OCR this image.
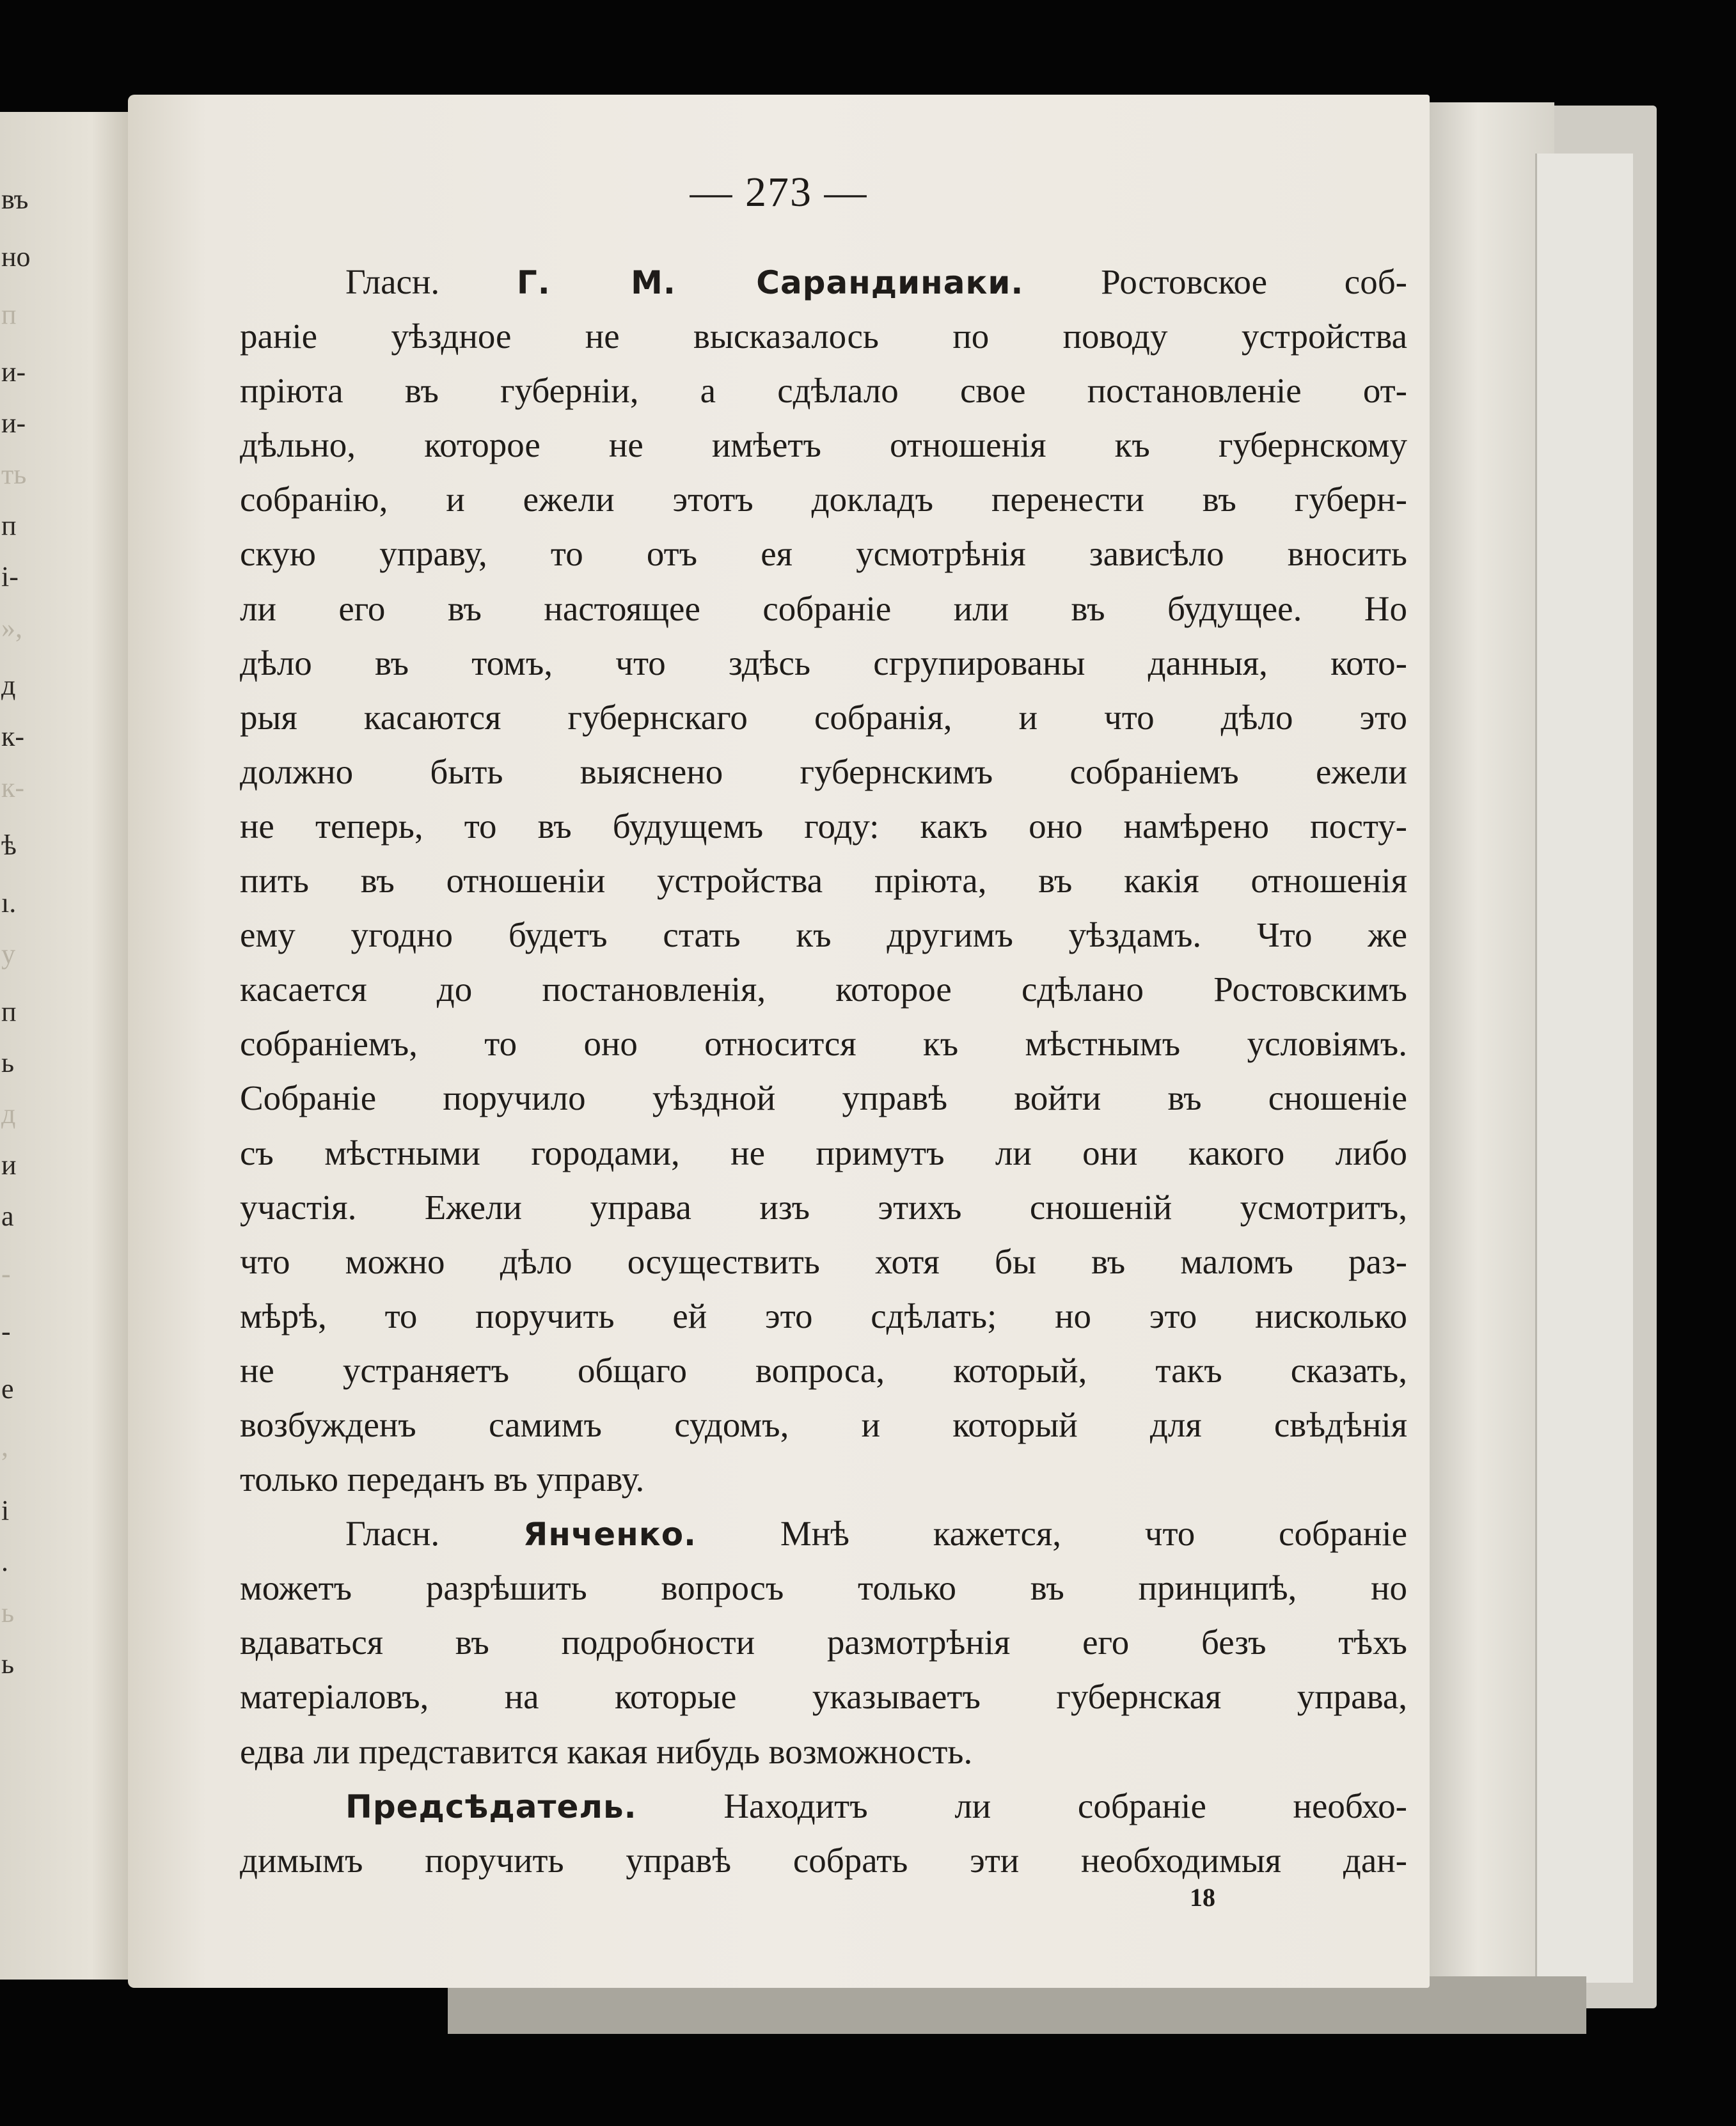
въ
но
п
и-
и-
ть
п
і-
»,
д
к-
к-
ѣ
ı.
у
п
ь
д
и
а
-
-
е
,
і
.
ь
ь
— 273 —
Гласн. Г. М. Сарандинаки. Ростовское соб-
раніе уѣздное не высказалось по поводу устройства
пріюта въ губерніи, а сдѣлало свое постановленіе от-
дѣльно, которое не имѣетъ отношенія къ губернскому
собранію, и ежели этотъ докладъ перенести въ губерн-
скую управу, то отъ ея усмотрѣнія зависѣло вносить
ли его въ настоящее собраніе или въ будущее. Но
дѣло въ томъ, что здѣсь сгрупированы данныя, кото-
рыя касаются губернскаго собранія, и что дѣло это
должно быть выяснено губернскимъ собраніемъ ежели
не теперь, то въ будущемъ году: какъ оно намѣрено посту-
пить въ отношеніи устройства пріюта, въ какія отношенія
ему угодно будетъ стать къ другимъ уѣздамъ. Что же
касается до постановленія, которое сдѣлано Ростовскимъ
собраніемъ, то оно относится къ мѣстнымъ условіямъ.
Собраніе поручило уѣздной управѣ войти въ сношеніе
съ мѣстными городами, не примутъ ли они какого либо
участія. Ежели управа изъ этихъ сношеній усмотритъ,
что можно дѣло осуществить хотя бы въ маломъ раз-
мѣрѣ, то поручить ей это сдѣлать; но это нисколько
не устраняетъ общаго вопроса, который, такъ сказать,
возбужденъ самимъ судомъ, и который для свѣдѣнія
только переданъ въ управу.
Гласн.	Янченко. Мнѣ кажется, что собраніе
можетъ разрѣшить вопросъ только въ принципѣ, но
вдаваться въ подробности размотрѣнія его безъ тѣхъ
матеріаловъ, на которые указываетъ губернская управа,
едва ли представится какая нибудь возможность.
Предсѣдатель. Находитъ ли собраніе необхо-
димымъ поручить управѣ собрать эти необходимыя дан-
18
